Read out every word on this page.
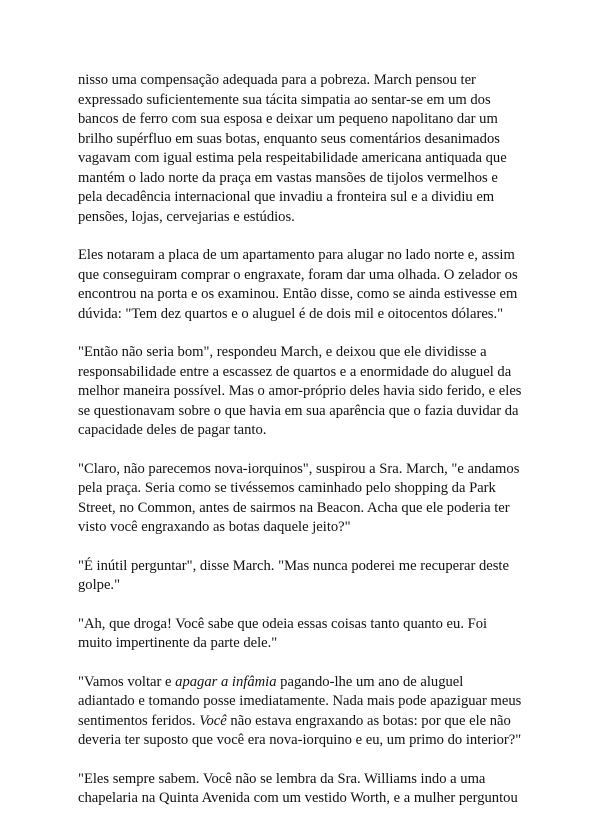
nisso uma compensação adequada para a pobreza. March pensou ter
expressado suficientemente sua tácita simpatia ao sentar-se em um dos
bancos de ferro com sua esposa e deixar um pequeno napolitano dar um
brilho supérfluo em suas botas, enquanto seus comentários desanimados
vagavam com igual estima pela respeitabilidade americana antiquada que
mantém o lado norte da praça em vastas mansões de tijolos vermelhos e
pela decadência internacional que invadiu a fronteira sul e a dividiu em
pensões, lojas, cervejarias e estúdios.

Eles notaram a placa de um apartamento para alugar no lado norte e, assim
que conseguiram comprar o engraxate, foram dar uma olhada. O zelador os
encontrou na porta e os examinou. Então disse, como se ainda estivesse em
dúvida: "Tem dez quartos e o aluguel é de dois mil e oitocentos dólares."

"Então não seria bom", respondeu March, e deixou que ele dividisse a
responsabilidade entre a escassez de quartos e a enormidade do aluguel da
melhor maneira possível. Mas o amor-próprio deles havia sido ferido, e eles
se questionavam sobre o que havia em sua aparência que o fazia duvidar da
capacidade deles de pagar tanto.

"Claro, não parecemos nova-iorquinos", suspirou a Sra. March, "e andamos
pela praça. Seria como se tivéssemos caminhado pelo shopping da Park
Street, no Common, antes de sairmos na Beacon. Acha que ele poderia ter
visto você engraxando as botas daquele jeito?"

"É inútil perguntar", disse March. "Mas nunca poderei me recuperar deste
golpe."

"Ah, que droga! Você sabe que odeia essas coisas tanto quanto eu. Foi
muito impertinente da parte dele."

"Vamos voltar e apagar a infâmia pagando-lhe um ano de aluguel
adiantado e tomando posse imediatamente. Nada mais pode apaziguar meus
sentimentos feridos. Você não estava engraxando as botas: por que ele não
deveria ter suposto que você era nova-iorquino e eu, um primo do interior?"

"Eles sempre sabem. Você não se lembra da Sra. Williams indo a uma
chapelaria na Quinta Avenida com um vestido Worth, e a mulher perguntou
